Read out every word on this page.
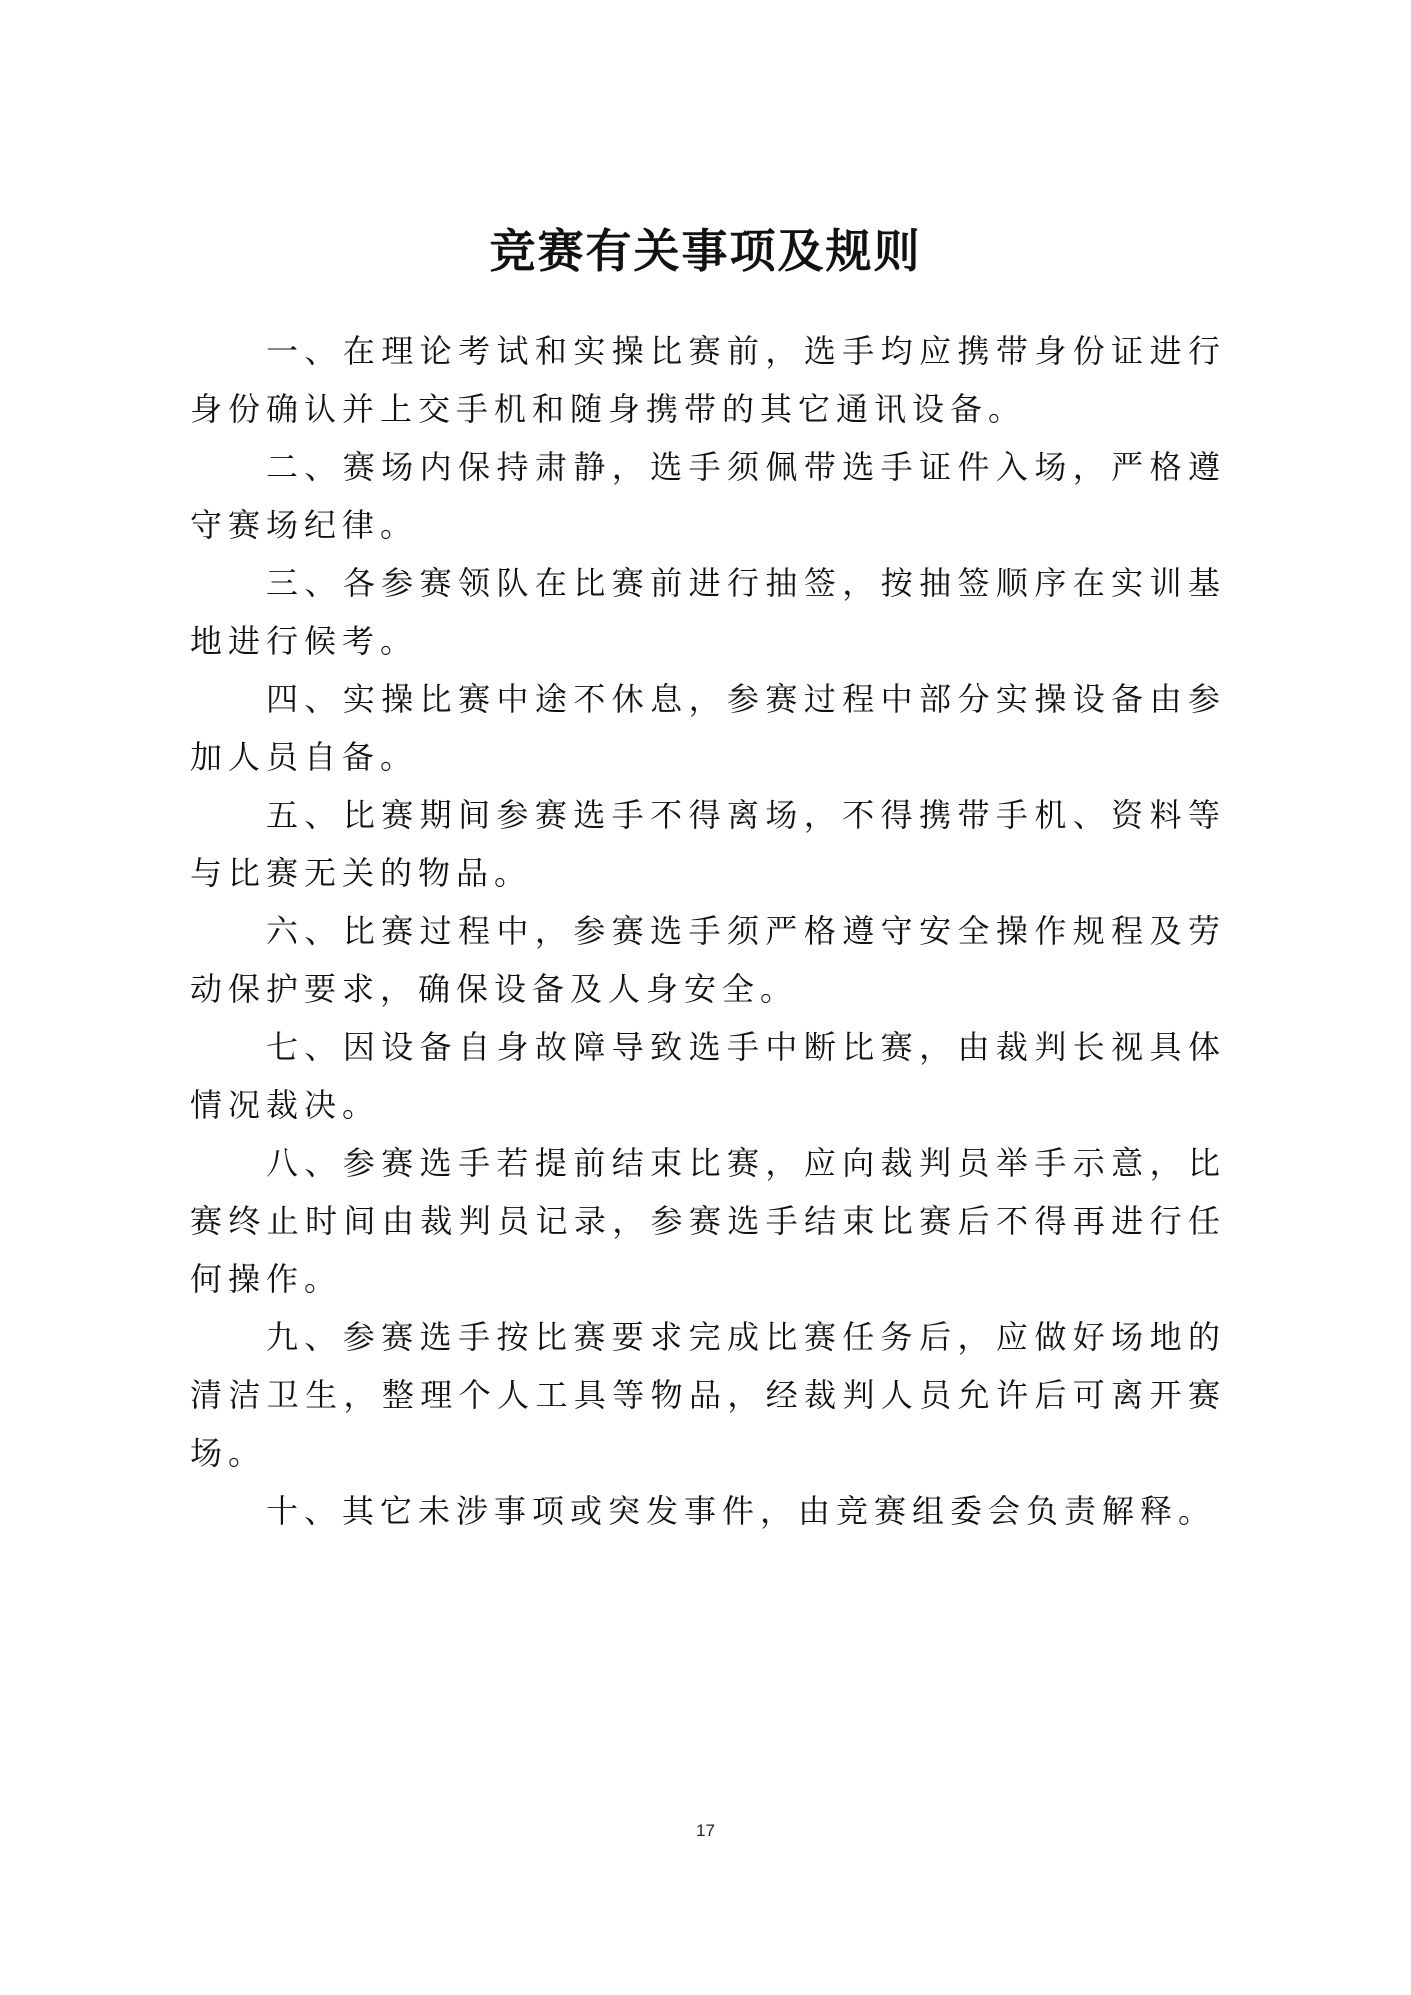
竞赛有关事项及规则

一、在理论考试和实操比赛前，选手均应携带身份证进行身份确认并上交手机和随身携带的其它通讯设备。

二、赛场内保持肃静，选手须佩带选手证件入场，严格遵守赛场纪律。

三、各参赛领队在比赛前进行抽签，按抽签顺序在实训基地进行候考。

四、实操比赛中途不休息，参赛过程中部分实操设备由参加人员自备。

五、比赛期间参赛选手不得离场，不得携带手机、资料等与比赛无关的物品。

六、比赛过程中，参赛选手须严格遵守安全操作规程及劳动保护要求，确保设备及人身安全。

七、因设备自身故障导致选手中断比赛，由裁判长视具体情况裁决。

八、参赛选手若提前结束比赛，应向裁判员举手示意，比赛终止时间由裁判员记录，参赛选手结束比赛后不得再进行任何操作。

九、参赛选手按比赛要求完成比赛任务后，应做好场地的清洁卫生，整理个人工具等物品，经裁判人员允许后可离开赛场。

十、其它未涉事项或突发事件，由竞赛组委会负责解释。

17
